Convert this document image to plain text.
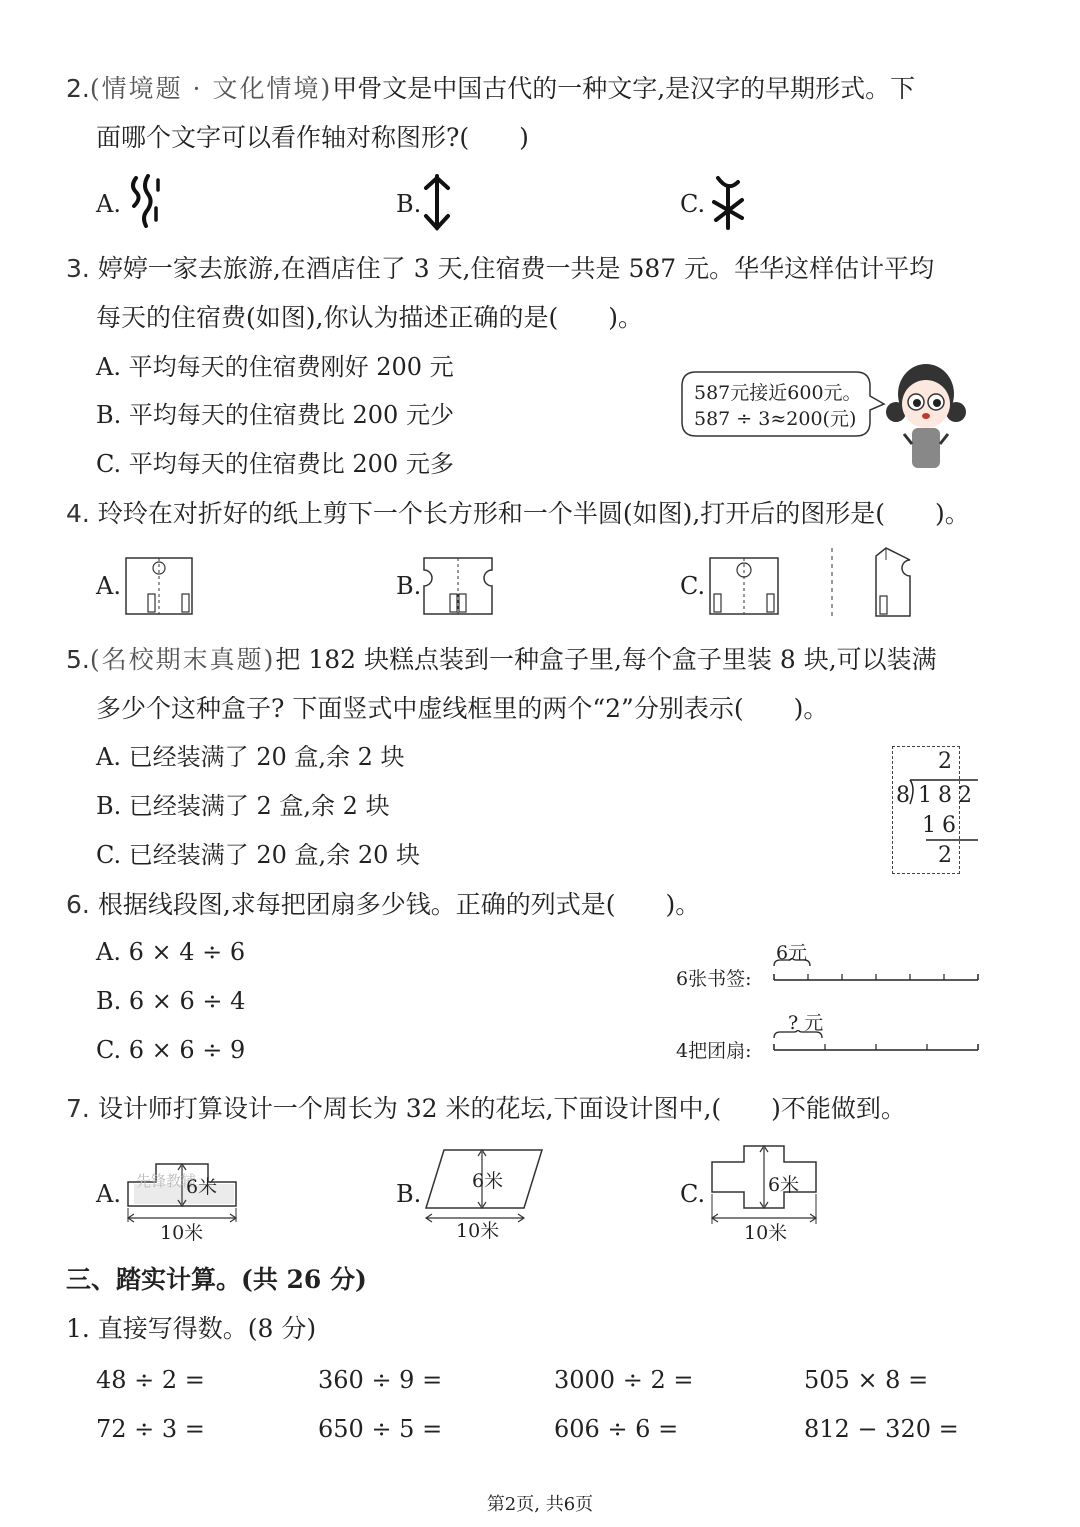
2.(情境题 · 文化情境)甲骨文是中国古代的一种文字,是汉字的早期形式。下
面哪个文字可以看作轴对称图形?(　　)
A.	B.	C.
3. 婷婷一家去旅游,在酒店住了 3 天,住宿费一共是 587 元。华华这样估计平均
每天的住宿费(如图),你认为描述正确的是(　　)。
A. 平均每天的住宿费刚好 200 元
B. 平均每天的住宿费比 200 元少
C. 平均每天的住宿费比 200 元多
587元接近600元。
587 ÷ 3≈200(元)
4. 玲玲在对折好的纸上剪下一个长方形和一个半圆(如图),打开后的图形是(　　)。
A.	B.	C.
5.(名校期末真题)把 182 块糕点装到一种盒子里,每个盒子里装 8 块,可以装满
多少个这种盒子? 下面竖式中虚线框里的两个“2”分别表示(　　)。
A. 已经装满了 20 盒,余 2 块
B. 已经装满了 2 盒,余 2 块
C. 已经装满了 20 盒,余 20 块
2
8 182
16
2
6. 根据线段图,求每把团扇多少钱。正确的列式是(　　)。
A. 6 × 4 ÷ 6
B. 6 × 6 ÷ 4
C. 6 × 6 ÷ 9
6张书签:
6元
4把团扇:
? 元
7. 设计师打算设计一个周长为 32 米的花坛,下面设计图中,(　　)不能做到。
A. 先锋教辅
6米
10米
B.	6米
10米
C.	6米
10米
三、踏实计算。(共 26 分)
1. 直接写得数。(8 分)
48 ÷ 2 =	360 ÷ 9 =	3000 ÷ 2 =	505 × 8 =
72 ÷ 3 =	650 ÷ 5 =	606 ÷ 6 =	812 − 320 =
第2页, 共6页
